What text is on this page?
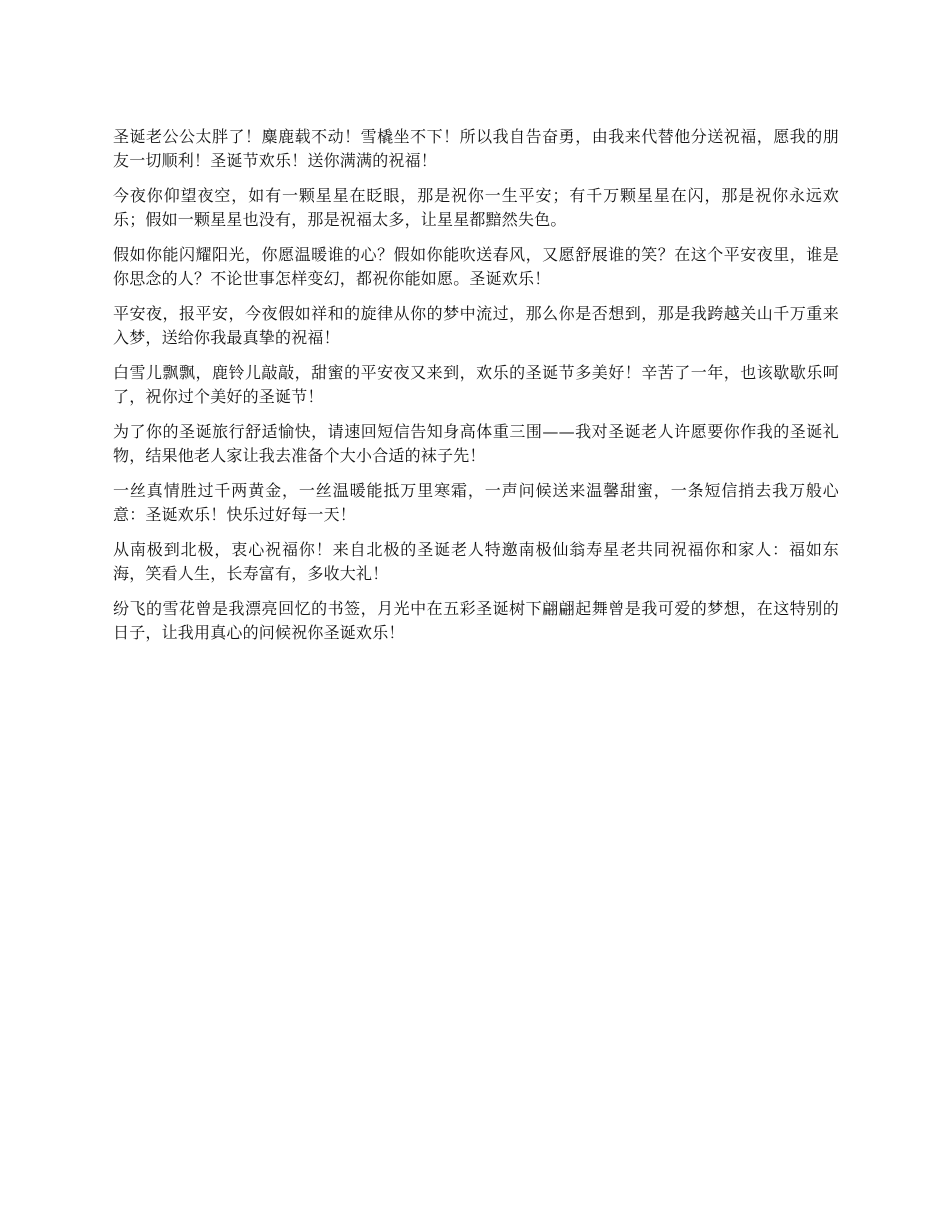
圣诞老公公太胖了！麋鹿载不动！雪橇坐不下！所以我自告奋勇，由我来代替他分送祝福，愿我的朋友一切顺利！圣诞节欢乐！送你满满的祝福！

今夜你仰望夜空，如有一颗星星在眨眼，那是祝你一生平安；有千万颗星星在闪，那是祝你永远欢乐；假如一颗星星也没有，那是祝福太多，让星星都黯然失色。

假如你能闪耀阳光，你愿温暖谁的心？假如你能吹送春风，又愿舒展谁的笑？在这个平安夜里，谁是你思念的人？不论世事怎样变幻，都祝你能如愿。圣诞欢乐！

平安夜，报平安，今夜假如祥和的旋律从你的梦中流过，那么你是否想到，那是我跨越关山千万重来入梦，送给你我最真挚的祝福！

白雪儿飘飘，鹿铃儿敲敲，甜蜜的平安夜又来到，欢乐的圣诞节多美好！辛苦了一年，也该歇歇乐呵了，祝你过个美好的圣诞节！

为了你的圣诞旅行舒适愉快，请速回短信告知身高体重三围——我对圣诞老人许愿要你作我的圣诞礼物，结果他老人家让我去准备个大小合适的袜子先！

一丝真情胜过千两黄金，一丝温暖能抵万里寒霜，一声问候送来温馨甜蜜，一条短信捎去我万般心意：圣诞欢乐！快乐过好每一天！

从南极到北极，衷心祝福你！来自北极的圣诞老人特邀南极仙翁寿星老共同祝福你和家人：福如东海，笑看人生，长寿富有，多收大礼！

纷飞的雪花曾是我漂亮回忆的书签，月光中在五彩圣诞树下翩翩起舞曾是我可爱的梦想，在这特别的日子，让我用真心的问候祝你圣诞欢乐！
